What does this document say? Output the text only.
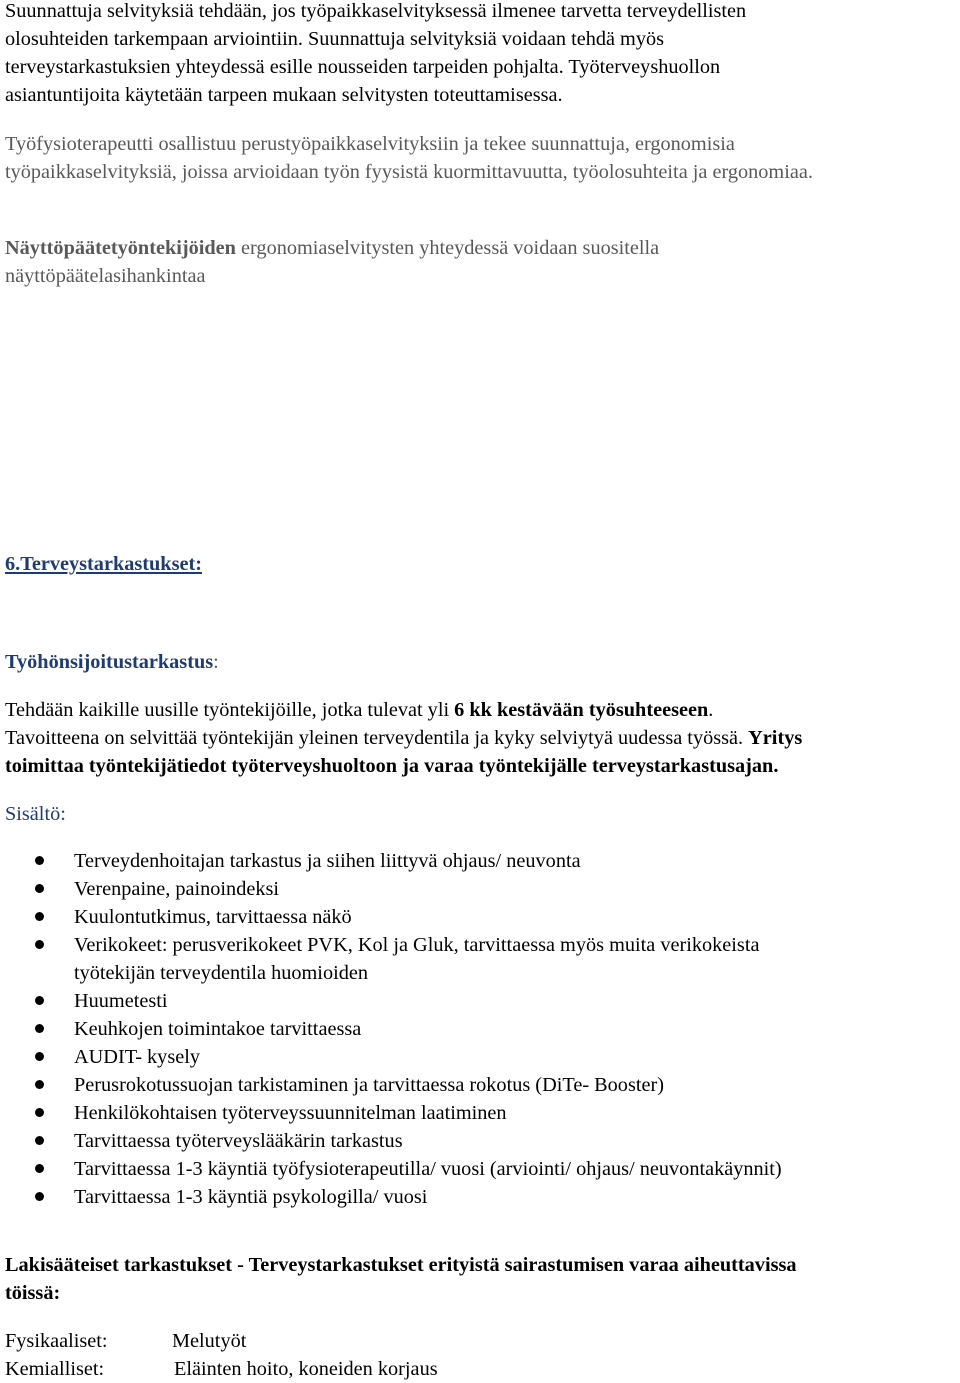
Suunnattuja selvityksiä tehdään, jos työpaikkaselvityksessä ilmenee tarvetta terveydellisten
olosuhteiden tarkempaan arviointiin. Suunnattuja selvityksiä voidaan tehdä myös
terveystarkastuksien yhteydessä esille nousseiden tarpeiden pohjalta. Työterveyshuollon
asiantuntijoita käytetään tarpeen mukaan selvitysten toteuttamisessa.
Työfysioterapeutti osallistuu perustyöpaikkaselvityksiin ja tekee suunnattuja, ergonomisia
työpaikkaselvityksiä, joissa arvioidaan työn fyysistä kuormittavuutta, työolosuhteita ja ergonomiaa.
Näyttöpäätetyöntekijöiden ergonomiaselvitysten yhteydessä voidaan suositella
näyttöpäätelasihankintaa
6.Terveystarkastukset:
Työhönsijoitustarkastus:
Tehdään kaikille uusille työntekijöille, jotka tulevat yli 6 kk kestävään työsuhteeseen.
Tavoitteena on selvittää työntekijän yleinen terveydentila ja kyky selviytyä uudessa työssä. Yritys
toimittaa työntekijätiedot työterveyshuoltoon ja varaa työntekijälle terveystarkastusajan.
Sisältö:
Terveydenhoitajan tarkastus ja siihen liittyvä ohjaus/ neuvonta
Verenpaine, painoindeksi
Kuulontutkimus, tarvittaessa näkö
Verikokeet: perusverikokeet PVK, Kol ja Gluk, tarvittaessa myös muita verikokeista
työtekijän terveydentila huomioiden
Huumetesti
Keuhkojen toimintakoe tarvittaessa
AUDIT- kysely
Perusrokotussuojan tarkistaminen ja tarvittaessa rokotus (DiTe- Booster)
Henkilökohtaisen työterveyssuunnitelman laatiminen
Tarvittaessa työterveyslääkärin tarkastus
Tarvittaessa 1-3 käyntiä työfysioterapeutilla/ vuosi (arviointi/ ohjaus/ neuvontakäynnit)
Tarvittaessa 1-3 käyntiä psykologilla/ vuosi
Lakisääteiset tarkastukset - Terveystarkastukset erityistä sairastumisen varaa aiheuttavissa
töissä:
Fysikaaliset:	Melutyöt
Kemialliset:	Eläinten hoito, koneiden korjaus
